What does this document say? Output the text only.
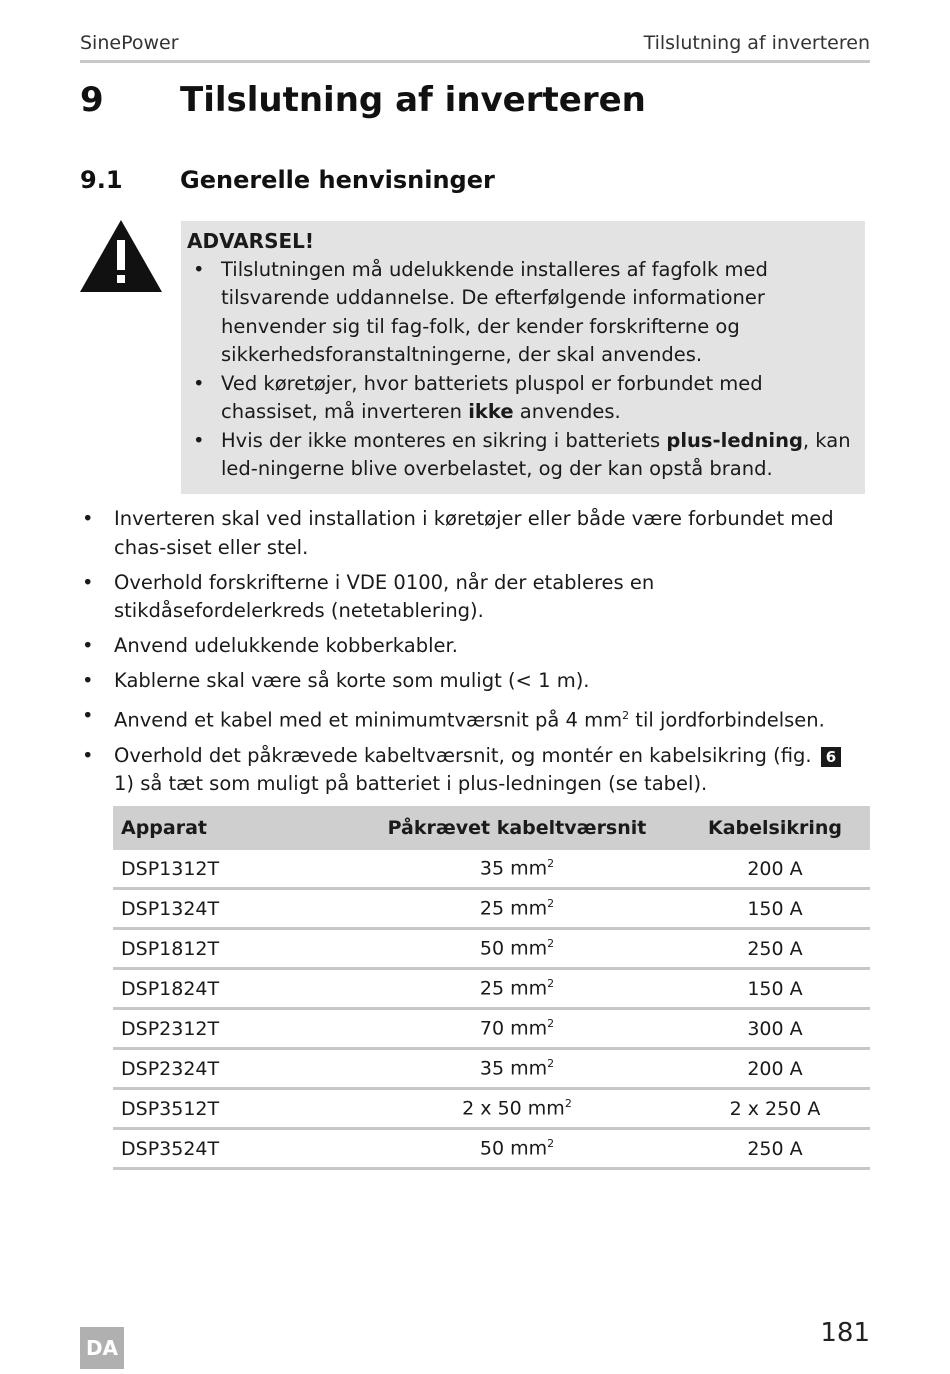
SinePower	Tilslutning af inverteren
9 Tilslutning af inverteren
9.1 Generelle henvisninger
ADVARSEL!
• Tilslutningen må udelukkende installeres af fagfolk med tilsvarende uddannelse. De efterfølgende informationer henvender sig til fag-folk, der kender forskrifterne og sikkerhedsforanstaltningerne, der skal anvendes.
• Ved køretøjer, hvor batteriets pluspol er forbundet med chassiset, må inverteren ikke anvendes.
• Hvis der ikke monteres en sikring i batteriets plus-ledning, kan led-ningerne blive overbelastet, og der kan opstå brand.
• Inverteren skal ved installation i køretøjer eller både være forbundet med chas-siset eller stel.
• Overhold forskrifterne i VDE 0100, når der etableres en stikdåsefordelerkreds (netetablering).
• Anvend udelukkende kobberkabler.
• Kablerne skal være så korte som muligt (< 1 m).
• Anvend et kabel med et minimumtværsnit på 4 $mm^2$ til jordforbindelsen.
• Overhold det påkrævede kabeltværsnit, og montér en kabelsikring (fig. 6 1) så tæt som muligt på batteriet i plus-ledningen (se tabel).
Apparat	Påkrævet kabeltværsnit	Kabelsikring
DSP1312T	35 $mm^2$	200 A
DSP1324T	25 $mm^2$	150 A
DSP1812T	50 $mm^2$	250 A
DSP1824T	25 $mm^2$	150 A
DSP2312T	70 $mm^2$	300 A
DSP2324T	35 $mm^2$	200 A
DSP3512T	2 x 50 $mm^2$	2 x 250 A
DSP3524T	50 $mm^2$	250 A
181
DA
